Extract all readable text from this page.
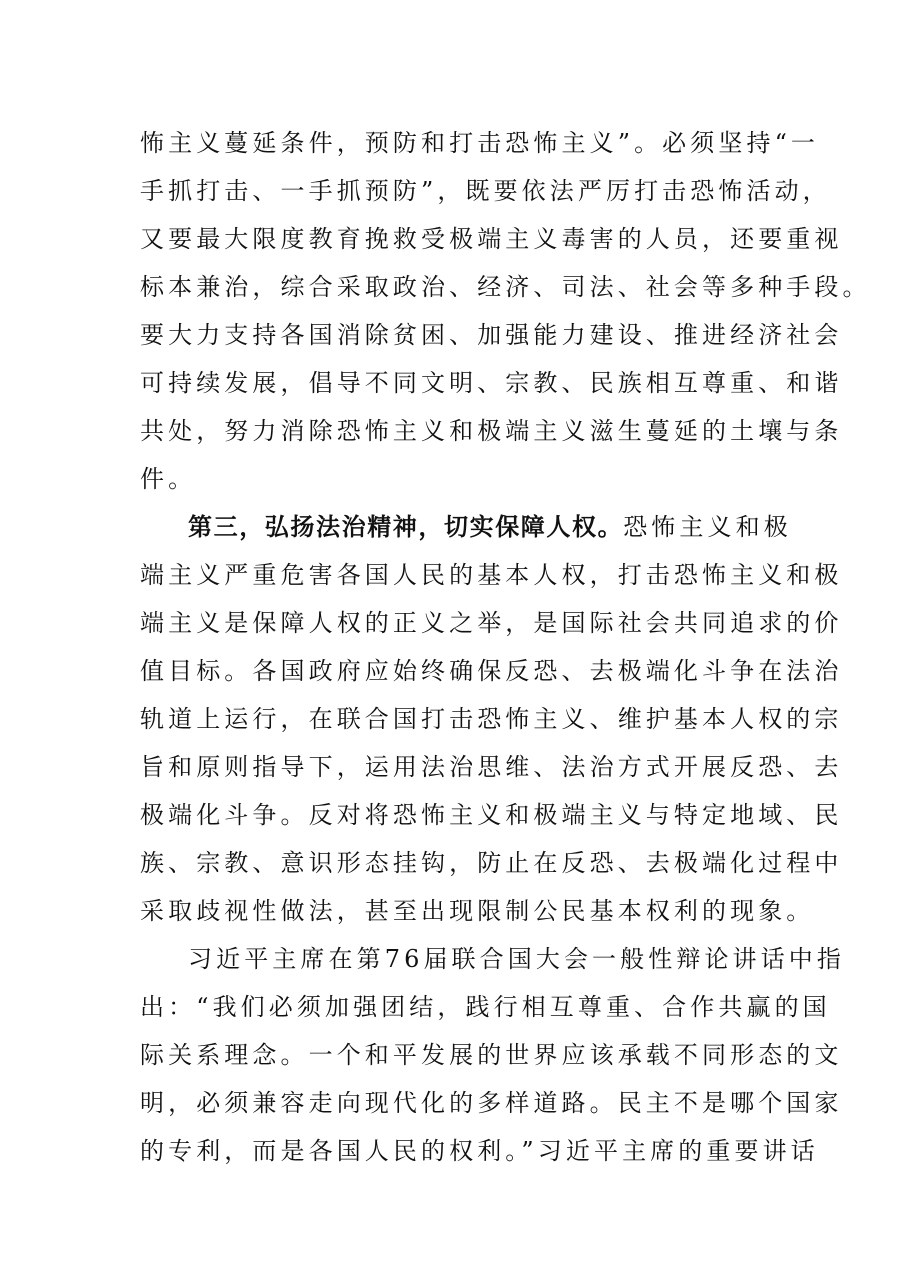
怖主义蔓延条件，预防和打击恐怖主义”。必须坚持“一
手抓打击、一手抓预防”，既要依法严厉打击恐怖活动，
又要最大限度教育挽救受极端主义毒害的人员，还要重视
标本兼治，综合采取政治、经济、司法、社会等多种手段。
要大力支持各国消除贫困、加强能力建设、推进经济社会
可持续发展，倡导不同文明、宗教、民族相互尊重、和谐
共处，努力消除恐怖主义和极端主义滋生蔓延的土壤与条
件。
第三，弘扬法治精神，切实保障人权。恐怖主义和极
端主义严重危害各国人民的基本人权，打击恐怖主义和极
端主义是保障人权的正义之举，是国际社会共同追求的价
值目标。各国政府应始终确保反恐、去极端化斗争在法治
轨道上运行，在联合国打击恐怖主义、维护基本人权的宗
旨和原则指导下，运用法治思维、法治方式开展反恐、去
极端化斗争。反对将恐怖主义和极端主义与特定地域、民
族、宗教、意识形态挂钩，防止在反恐、去极端化过程中
采取歧视性做法，甚至出现限制公民基本权利的现象。
习近平主席在第76届联合国大会一般性辩论讲话中指
出：“我们必须加强团结，践行相互尊重、合作共赢的国
际关系理念。一个和平发展的世界应该承载不同形态的文
明，必须兼容走向现代化的多样道路。民主不是哪个国家
的专利，而是各国人民的权利。”习近平主席的重要讲话
